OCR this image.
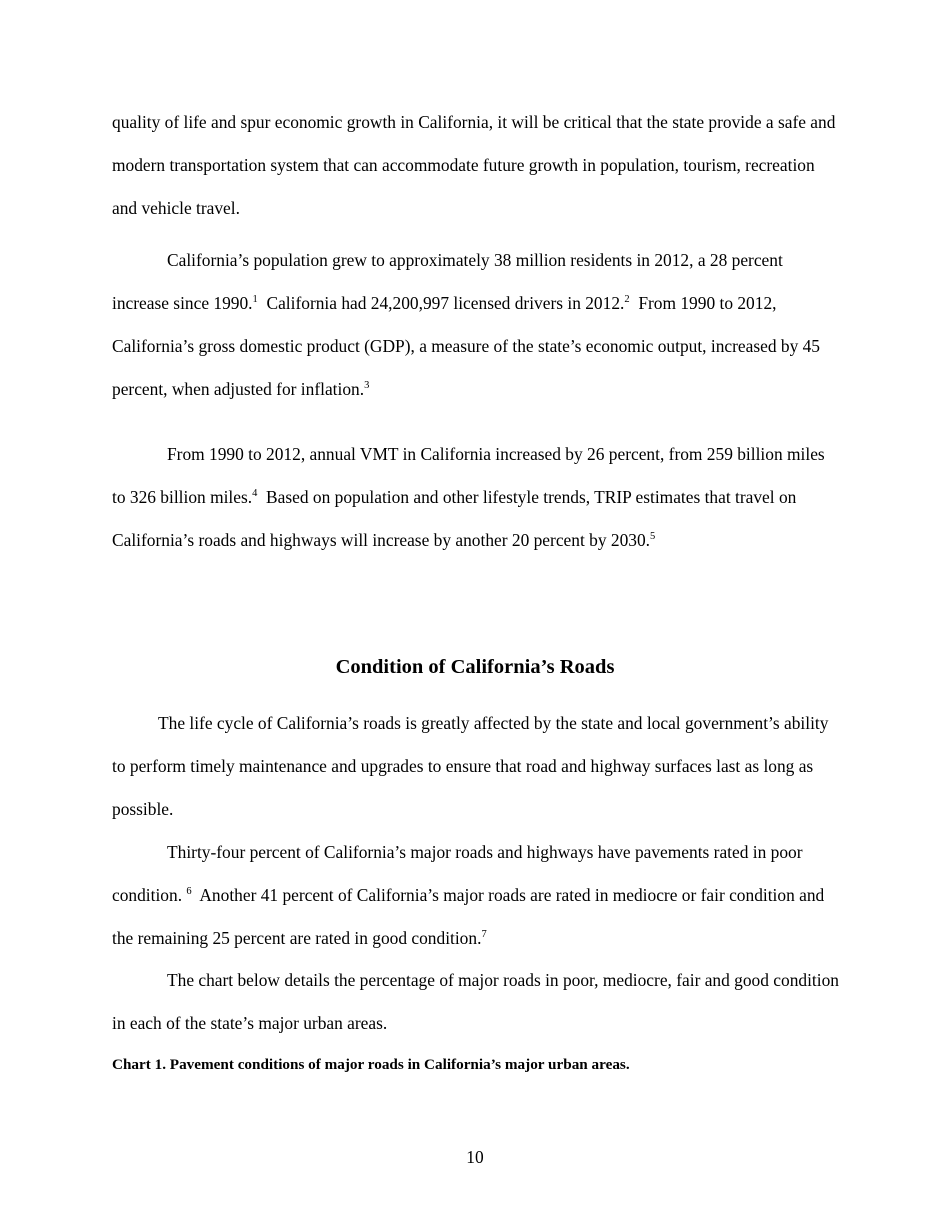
quality of life and spur economic growth in California, it will be critical that the state provide a safe and modern transportation system that can accommodate future growth in population, tourism, recreation and vehicle travel.

California’s population grew to approximately 38 million residents in 2012, a 28 percent increase since 1990.$^1$  California had 24,200,997 licensed drivers in 2012.$^2$  From 1990 to 2012, California’s gross domestic product (GDP), a measure of the state’s economic output, increased by 45 percent, when adjusted for inflation.$^3$

From 1990 to 2012, annual VMT in California increased by 26 percent, from 259 billion miles to 326 billion miles.$^4$  Based on population and other lifestyle trends, TRIP estimates that travel on California’s roads and highways will increase by another 20 percent by 2030.$^5$

Condition of California’s Roads

The life cycle of California’s roads is greatly affected by the state and local government’s ability to perform timely maintenance and upgrades to ensure that road and highway surfaces last as long as possible.

Thirty-four percent of California’s major roads and highways have pavements rated in poor condition. $^6$  Another 41 percent of California’s major roads are rated in mediocre or fair condition and the remaining 25 percent are rated in good condition.$^7$

The chart below details the percentage of major roads in poor, mediocre, fair and good condition in each of the state’s major urban areas.

Chart 1. Pavement conditions of major roads in California’s major urban areas.

10
